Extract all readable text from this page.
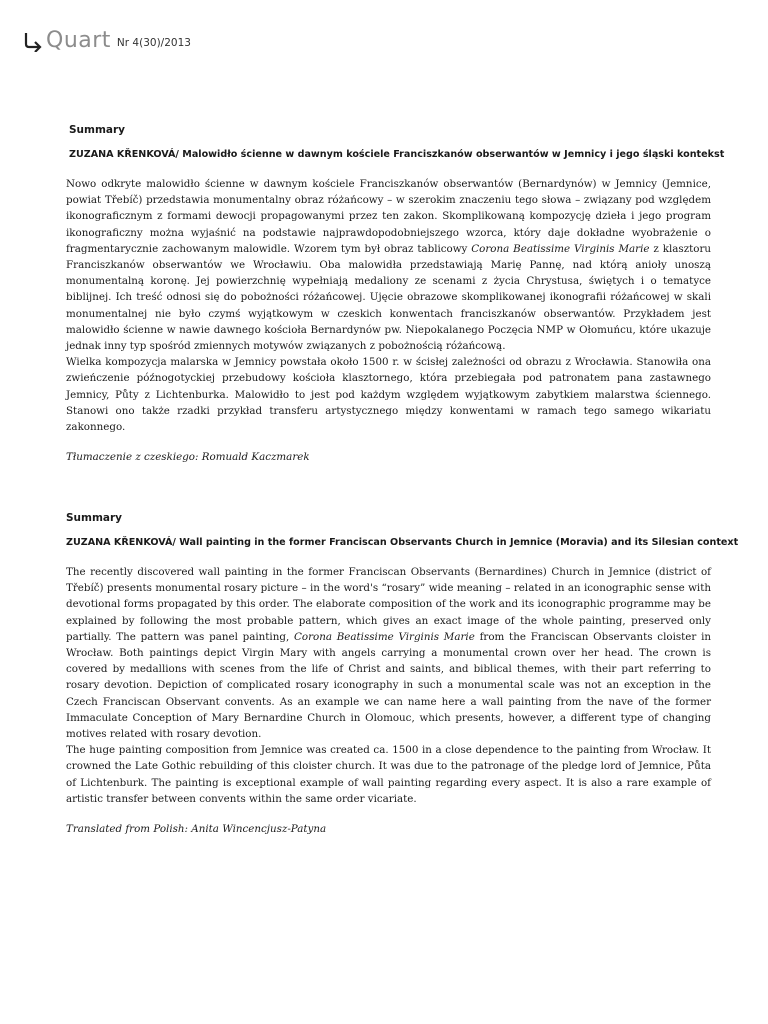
Quart Nr 4(30)/2013
Summary
ZUZANA KŘENKOVÁ/ Malowidło ścienne w dawnym kościele Franciszkanów obserwantów w Jemnicy i jego śląski kontekst

Nowo odkryte malowidło ścienne w dawnym kościele Franciszkanów obserwantów (Bernardynów) w Jemnicy (Jemnice, powiat Třebíč) przedstawia monumentalny obraz różańcowy – w szerokim znaczeniu tego słowa – związany pod względem ikonograficznym z formami dewocji propagowanymi przez ten zakon. Skomplikowaną kompozycję dzieła i jego program ikonograficzny można wyjaśnić na podstawie najprawdopodobniejszego wzorca, który daje dokładne wyobrażenie o fragmentarycznie zachowanym malowidle. Wzorem tym był obraz tablicowy Corona Beatissime Virginis Marie z klasztoru Franciszkanów obserwantów we Wrocławiu. Oba malowidła przedstawiają Marię Pannę, nad którą anioły unoszą monumentalną koronę. Jej powierzchnię wypełniają medaliony ze scenami z życia Chrystusa, świętych i o tematyce biblijnej. Ich treść odnosi się do pobożności różańcowej. Ujęcie obrazowe skomplikowanej ikonografii różańcowej w skali monumentalnej nie było czymś wyjątkowym w czeskich konwentach franciszkanów obserwantów. Przykładem jest malowidło ścienne w nawie dawnego kościoła Bernardynów pw. Niepokalanego Poczęcia NMP w Ołomuńcu, które ukazuje jednak inny typ spośród zmiennych motywów związanych z pobożnością różańcową.

Wielka kompozycja malarska w Jemnicy powstała około 1500 r. w ścisłej zależności od obrazu z Wrocławia. Stanowiła ona zwieńczenie późnogotyckiej przebudowy kościoła klasztornego, która przebiegała pod patronatem pana zastawnego Jemnicy, Půty z Lichtenburka. Malowidło to jest pod każdym względem wyjątkowym zabytkiem malarstwa ściennego. Stanowi ono także rzadki przykład transferu artystycznego między konwentami w ramach tego samego wikariatu zakonnego.

Tłumaczenie z czeskiego: Romuald Kaczmarek

Summary
ZUZANA KŘENKOVÁ/ Wall painting in the former Franciscan Observants Church in Jemnice (Moravia) and its Silesian context

The recently discovered wall painting in the former Franciscan Observants (Bernardines) Church in Jemnice (district of Třebíč) presents monumental rosary picture – in the word's “rosary” wide meaning – related in an iconographic sense with devotional forms propagated by this order. The elaborate composition of the work and its iconographic programme may be explained by following the most probable pattern, which gives an exact image of the whole painting, preserved only partially. The pattern was panel painting, Corona Beatissime Virginis Marie from the Franciscan Observants cloister in Wrocław. Both paintings depict Virgin Mary with angels carrying a monumental crown over her head. The crown is covered by medallions with scenes from the life of Christ and saints, and biblical themes, with their part referring to rosary devotion. Depiction of complicated rosary iconography in such a monumental scale was not an exception in the Czech Franciscan Observant convents. As an example we can name here a wall painting from the nave of the former Immaculate Conception of Mary Bernardine Church in Olomouc, which presents, however, a different type of changing motives related with rosary devotion.

The huge painting composition from Jemnice was created ca. 1500 in a close dependence to the painting from Wrocław. It crowned the Late Gothic rebuilding of this cloister church. It was due to the patronage of the pledge lord of Jemnice, Půta of Lichtenburk. The painting is exceptional example of wall painting regarding every aspect. It is also a rare example of artistic transfer between convents within the same order vicariate.

Translated from Polish: Anita Wincencjusz-Patyna
